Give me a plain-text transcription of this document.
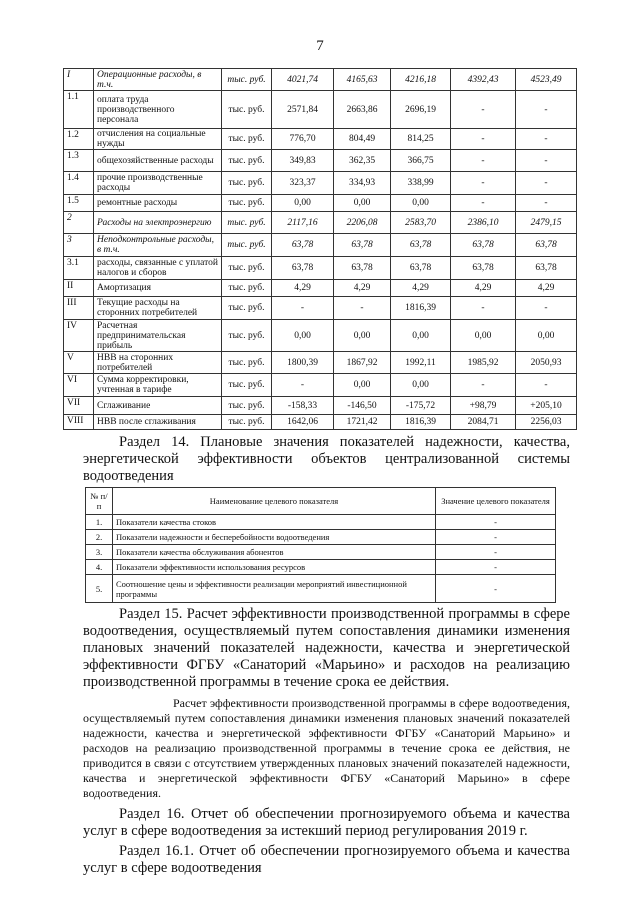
7
I	Операционные расходы, в т.ч.	тыс. руб.	4021,74	4165,63	4216,18	4392,43	4523,49
1.1	оплата труда производственного персонала	тыс. руб.	2571,84	2663,86	2696,19	-	-
1.2	отчисления на социальные нужды	тыс. руб.	776,70	804,49	814,25	-	-
1.3	общехозяйственные расходы	тыс. руб.	349,83	362,35	366,75	-	-
1.4	прочие производственные расходы	тыс. руб.	323,37	334,93	338,99	-	-
1.5	ремонтные расходы	тыс. руб.	0,00	0,00	0,00	-	-
2	Расходы на электроэнергию	тыс. руб.	2117,16	2206,08	2583,70	2386,10	2479,15
3	Неподконтрольные расходы, в т.ч.	тыс. руб.	63,78	63,78	63,78	63,78	63,78
3.1	расходы, связанные с уплатой налогов и сборов	тыс. руб.	63,78	63,78	63,78	63,78	63,78
II	Амортизация	тыс. руб.	4,29	4,29	4,29	4,29	4,29
III	Текущие расходы на сторонних потребителей	тыс. руб.	-	-	1816,39	-	-
IV	Расчетная предпринимательская прибыль	тыс. руб.	0,00	0,00	0,00	0,00	0,00
V	НВВ на сторонних потребителей	тыс. руб.	1800,39	1867,92	1992,11	1985,92	2050,93
VI	Сумма корректировки, учтенная в тарифе	тыс. руб.	-	0,00	0,00	-	-
VII	Сглаживание	тыс. руб.	-158,33	-146,50	-175,72	+98,79	+205,10
VIII	НВВ после сглаживания	тыс. руб.	1642,06	1721,42	1816,39	2084,71	2256,03
Раздел 14. Плановые значения показателей надежности, качества, энергетической эффективности объектов централизованной системы водоотведения
№ п/п	Наименование целевого показателя	Значение целевого показателя
1.	Показатели качества стоков	-
2.	Показатели надежности и бесперебойности водоотведения	-
3.	Показатели качества обслуживания абонентов	-
4.	Показатели эффективности использования ресурсов	-
5.	Соотношение цены и эффективности реализации мероприятий инвестиционной программы	-
Раздел 15. Расчет эффективности производственной программы в сфере водоотведения, осуществляемый путем сопоставления динамики изменения плановых значений показателей надежности, качества и энергетической эффективности ФГБУ «Санаторий «Марьино» и расходов на реализацию производственной программы в течение срока ее действия.
Расчет эффективности производственной программы в сфере водоотведения, осуществляемый путем сопоставления динамики изменения плановых значений показателей надежности, качества и энергетической эффективности ФГБУ «Санаторий Марьино» и расходов на реализацию производственной программы в течение срока ее действия, не приводится в связи с отсутствием утвержденных плановых значений показателей надежности, качества и энергетической эффективности ФГБУ «Санаторий Марьино» в сфере водоотведения.
Раздел 16. Отчет об обеспечении прогнозируемого объема и качества услуг в сфере водоотведения за истекший период регулирования 2019 г.
Раздел 16.1. Отчет об обеспечении прогнозируемого объема и качества услуг в сфере водоотведения
